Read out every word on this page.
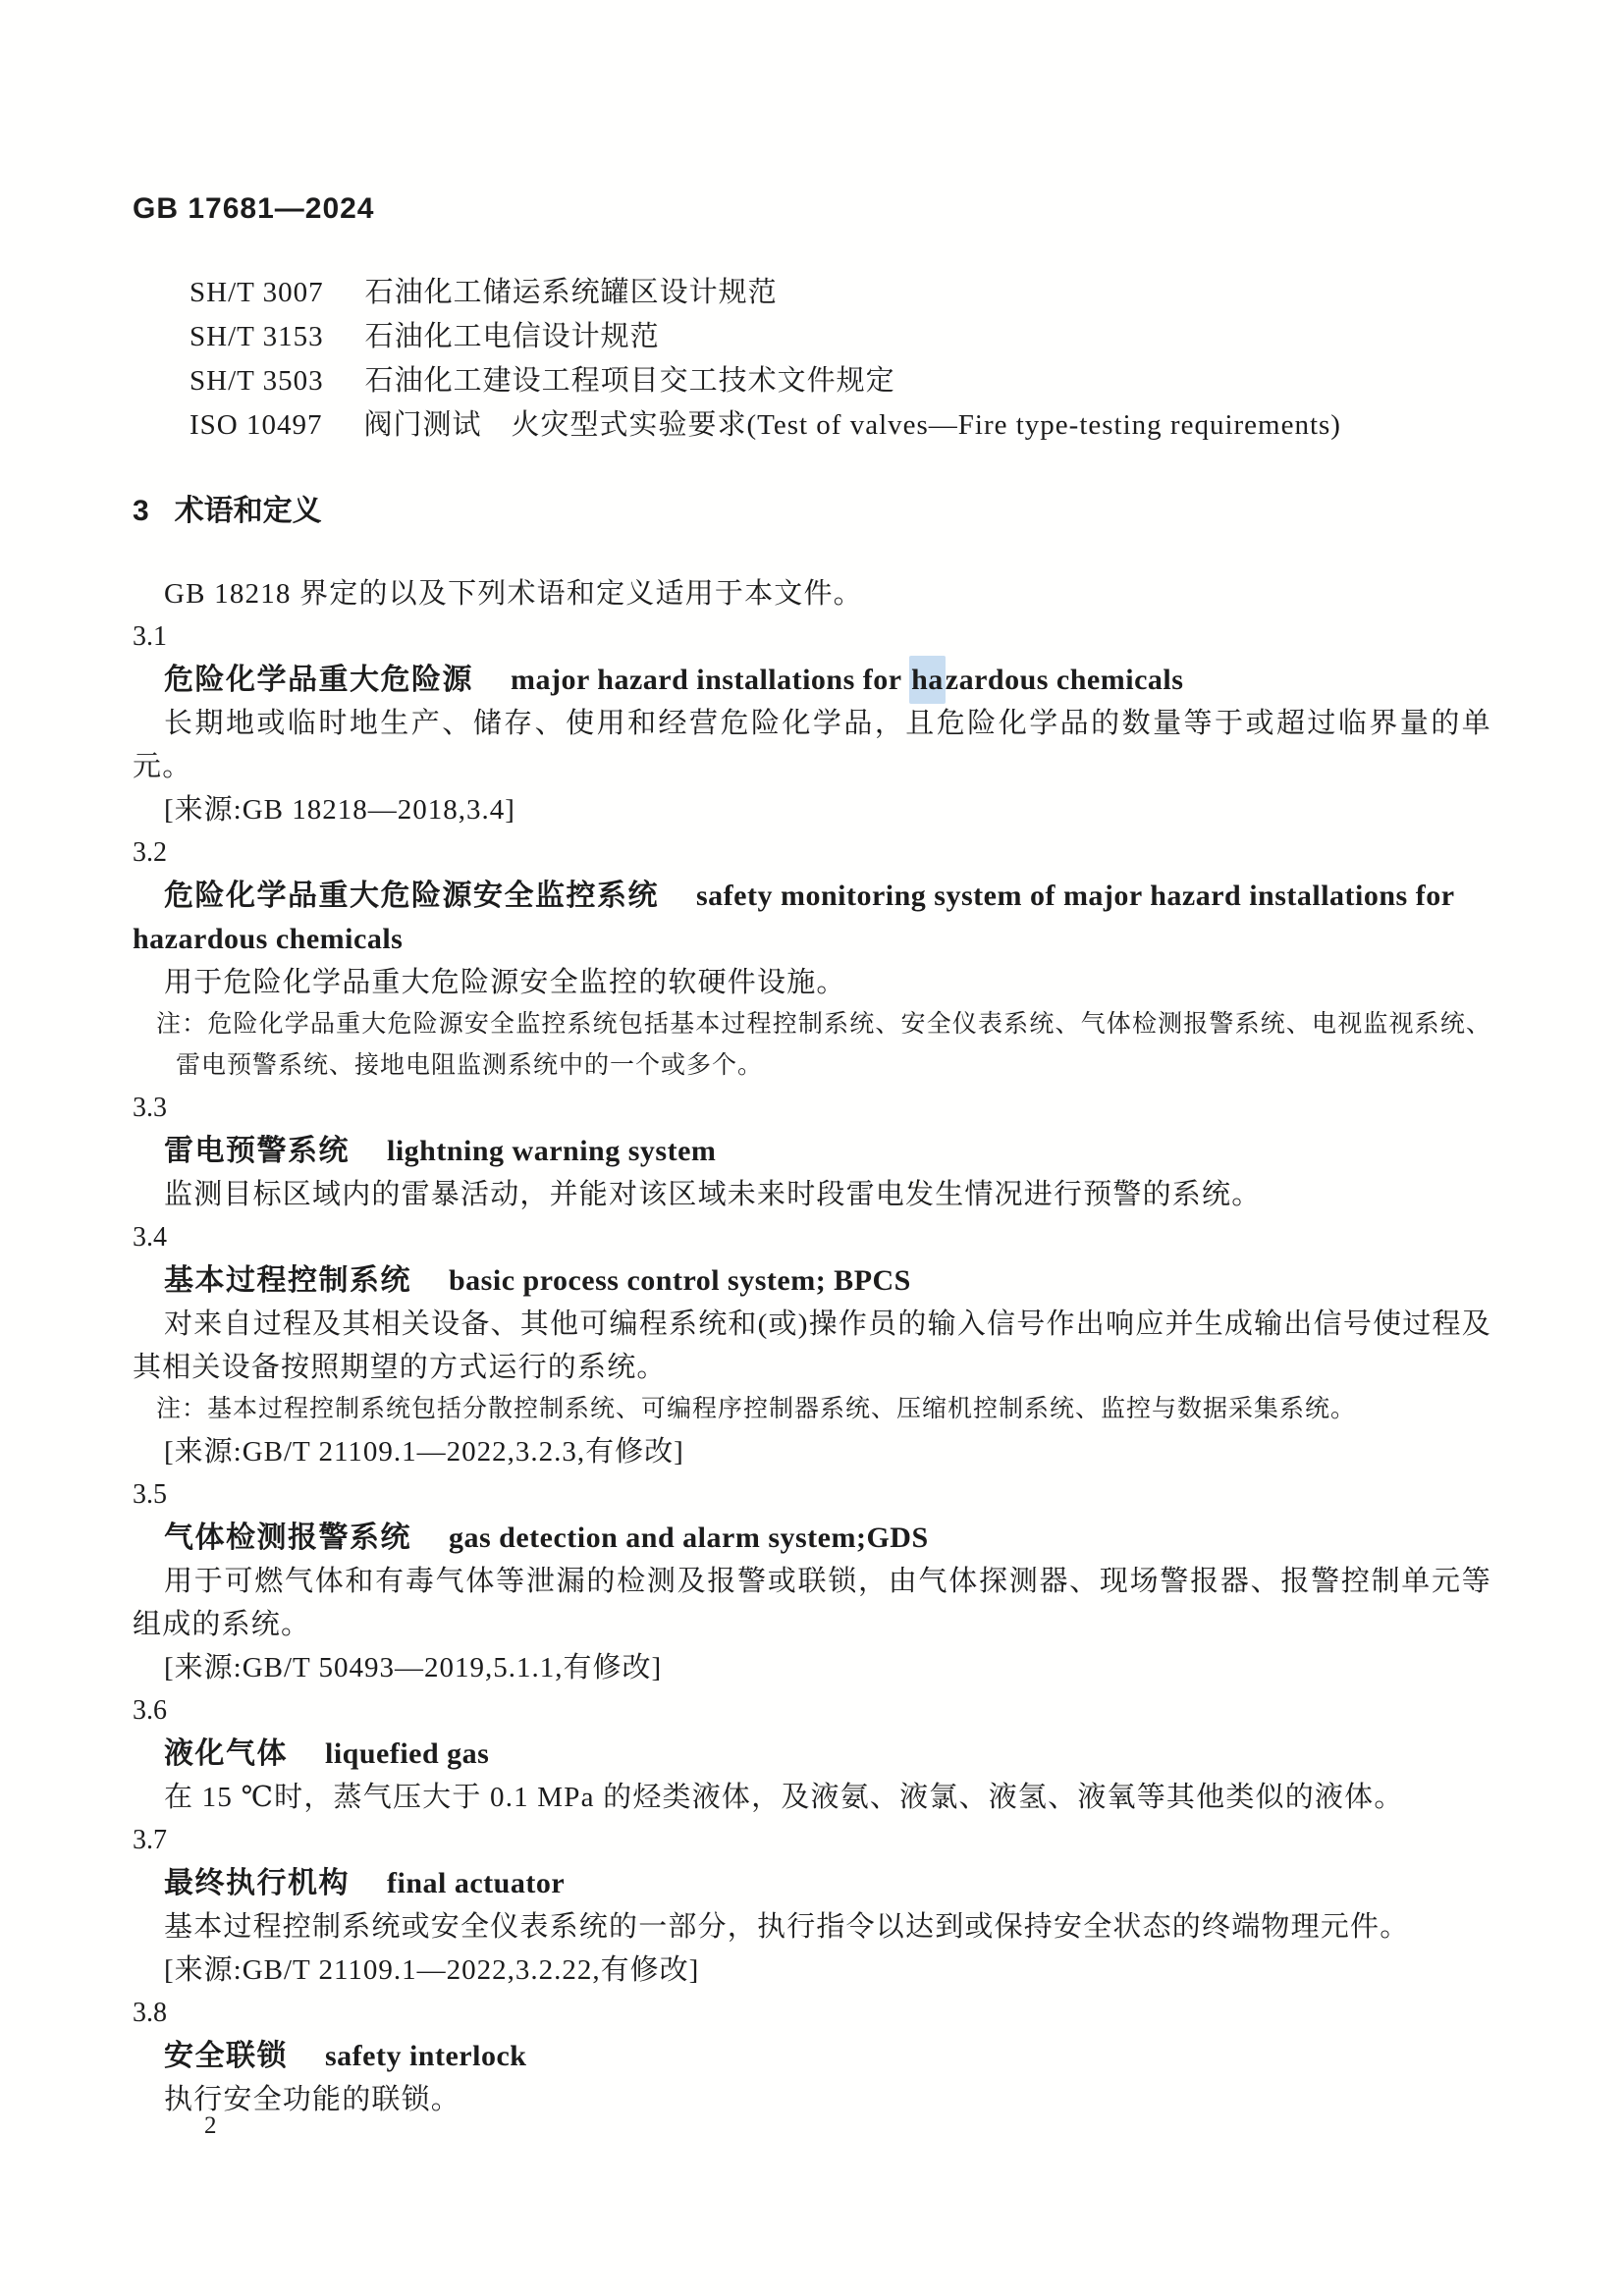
GB 17681—2024

SH/T 3007 石油化工储运系统罐区设计规范

SH/T 3153 石油化工电信设计规范

SH/T 3503 石油化工建设工程项目交工技术文件规定

ISO 10497 阀门测试　火灾型式实验要求(Test of valves—Fire type-testing requirements)

3 术语和定义

GB 18218 界定的以及下列术语和定义适用于本文件。

3.1

危险化学品重大危险源 major hazard installations for hazardous chemicals

长期地或临时地生产、储存、使用和经营危险化学品，且危险化学品的数量等于或超过临界量的单元。

[来源:GB 18218—2018,3.4]

3.2

危险化学品重大危险源安全监控系统 safety monitoring system of major hazard installations for hazardous chemicals

用于危险化学品重大危险源安全监控的软硬件设施。

注：危险化学品重大危险源安全监控系统包括基本过程控制系统、安全仪表系统、气体检测报警系统、电视监视系统、雷电预警系统、接地电阻监测系统中的一个或多个。

3.3

雷电预警系统 lightning warning system

监测目标区域内的雷暴活动，并能对该区域未来时段雷电发生情况进行预警的系统。

3.4

基本过程控制系统 basic process control system; BPCS

对来自过程及其相关设备、其他可编程系统和(或)操作员的输入信号作出响应并生成输出信号使过程及其相关设备按照期望的方式运行的系统。

注：基本过程控制系统包括分散控制系统、可编程序控制器系统、压缩机控制系统、监控与数据采集系统。

[来源:GB/T 21109.1—2022,3.2.3,有修改]

3.5

气体检测报警系统 gas detection and alarm system;GDS

用于可燃气体和有毒气体等泄漏的检测及报警或联锁，由气体探测器、现场警报器、报警控制单元等组成的系统。

[来源:GB/T 50493—2019,5.1.1,有修改]

3.6

液化气体 liquefied gas

在 15 ℃时，蒸气压大于 0.1 MPa 的烃类液体，及液氨、液氯、液氢、液氧等其他类似的液体。

3.7

最终执行机构 final actuator

基本过程控制系统或安全仪表系统的一部分，执行指令以达到或保持安全状态的终端物理元件。

[来源:GB/T 21109.1—2022,3.2.22,有修改]

3.8

安全联锁 safety interlock

执行安全功能的联锁。

2
